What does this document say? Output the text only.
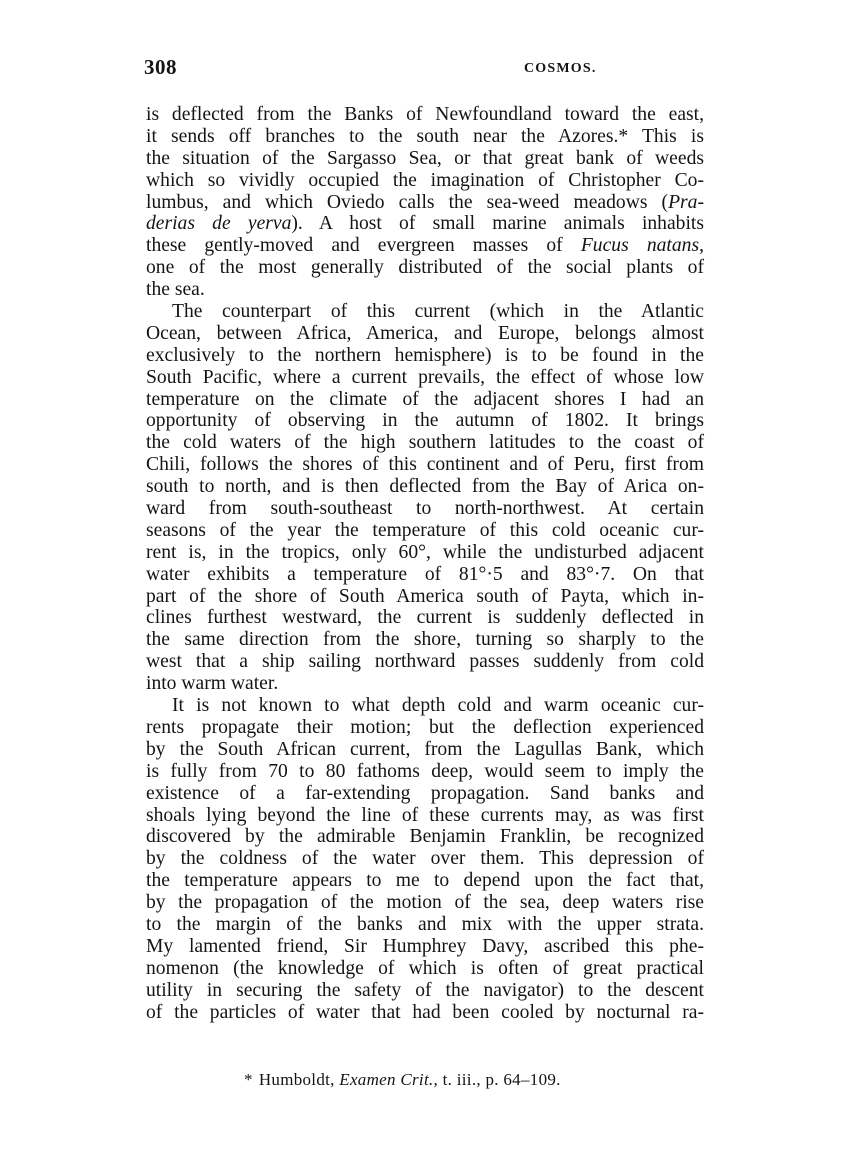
308	COSMOS.
is deflected from the Banks of Newfoundland toward the east,
it sends off branches to the south near the Azores.* This is
the situation of the Sargasso Sea, or that great bank of weeds
which so vividly occupied the imagination of Christopher Co-
lumbus, and which Oviedo calls the sea-weed meadows (Pra-
derias de yerva). A host of small marine animals inhabits
these gently-moved and evergreen masses of Fucus natans,
one of the most generally distributed of the social plants of
the sea.
The counterpart of this current (which in the Atlantic
Ocean, between Africa, America, and Europe, belongs almost
exclusively to the northern hemisphere) is to be found in the
South Pacific, where a current prevails, the effect of whose low
temperature on the climate of the adjacent shores I had an
opportunity of observing in the autumn of 1802. It brings
the cold waters of the high southern latitudes to the coast of
Chili, follows the shores of this continent and of Peru, first from
south to north, and is then deflected from the Bay of Arica on-
ward from south-southeast to north-northwest. At certain
seasons of the year the temperature of this cold oceanic cur-
rent is, in the tropics, only 60°, while the undisturbed adjacent
water exhibits a temperature of 81°·5 and 83°·7. On that
part of the shore of South America south of Payta, which in-
clines furthest westward, the current is suddenly deflected in
the same direction from the shore, turning so sharply to the
west that a ship sailing northward passes suddenly from cold
into warm water.
It is not known to what depth cold and warm oceanic cur-
rents propagate their motion; but the deflection experienced
by the South African current, from the Lagullas Bank, which
is fully from 70 to 80 fathoms deep, would seem to imply the
existence of a far-extending propagation. Sand banks and
shoals lying beyond the line of these currents may, as was first
discovered by the admirable Benjamin Franklin, be recognized
by the coldness of the water over them. This depression of
the temperature appears to me to depend upon the fact that,
by the propagation of the motion of the sea, deep waters rise
to the margin of the banks and mix with the upper strata.
My lamented friend, Sir Humphrey Davy, ascribed this phe-
nomenon (the knowledge of which is often of great practical
utility in securing the safety of the navigator) to the descent
of the particles of water that had been cooled by nocturnal ra-
* Humboldt, Examen Crit., t. iii., p. 64–109.
